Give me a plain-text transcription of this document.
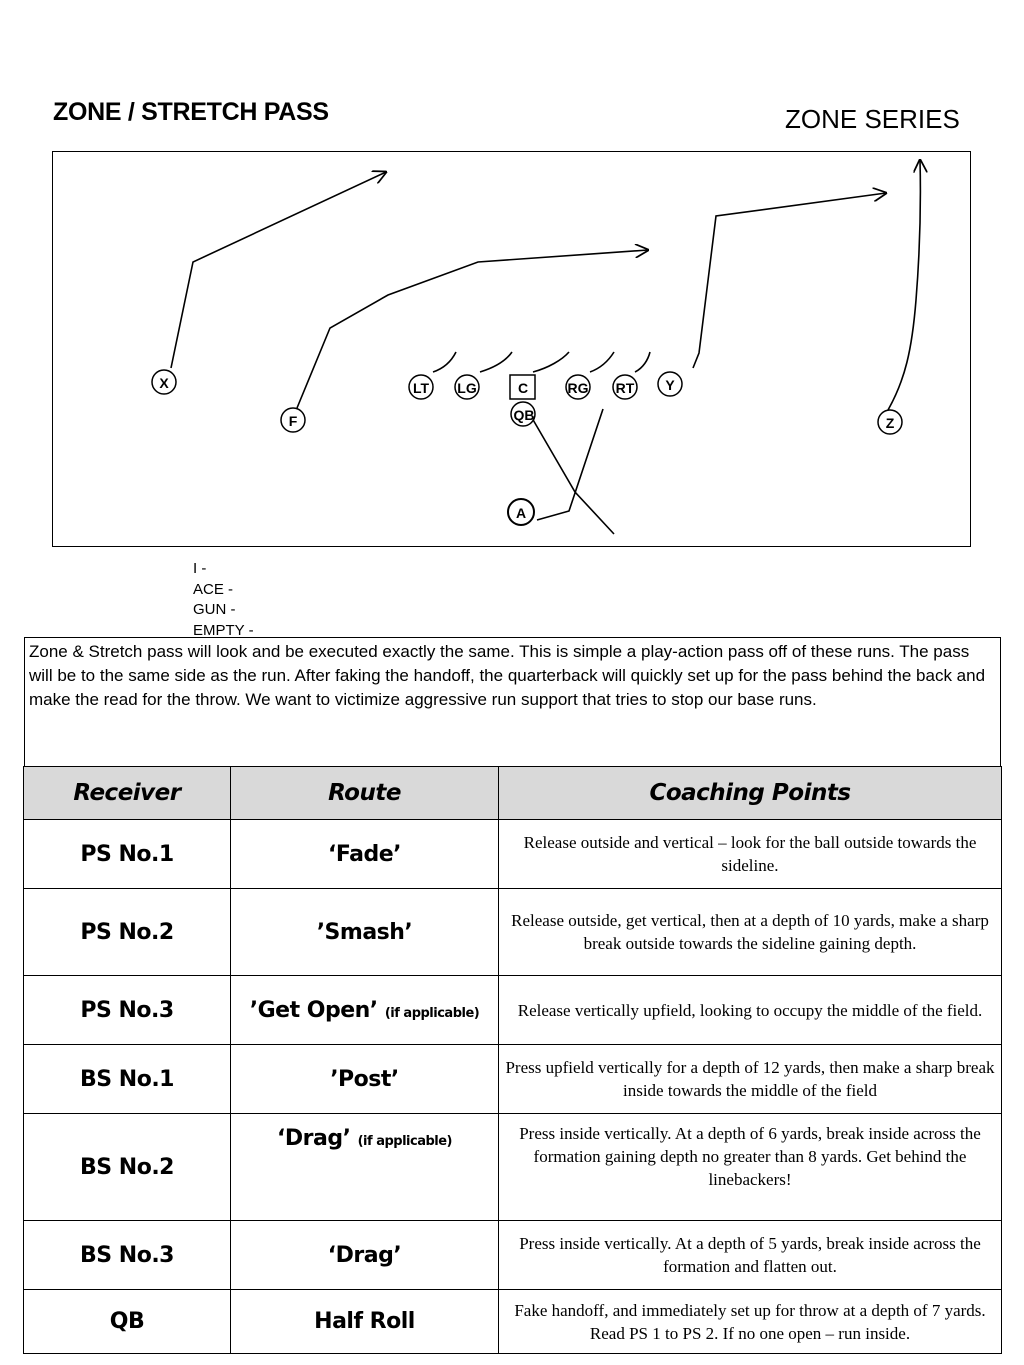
ZONE / STRETCH PASS	ZONE SERIES
X
F
LT LG	C	RG RT Y
QB	Z
A
I -
ACE -
GUN -
EMPTY -
Zone & Stretch pass will look and be executed exactly the same. This is simple a play-action pass off of these runs. The pass will be to the same side as the run. After faking the handoff, the quarterback will quickly set up for the pass behind the back and make the read for the throw. We want to victimize aggressive run support that tries to stop our base runs.
Receiver	Route	Coaching Points
PS No.1	‘Fade’	Release outside and vertical – look for the ball outside towards the sideline.
PS No.2	’Smash’	Release outside, get vertical, then at a depth of 10 yards, make a sharp break outside towards the sideline gaining depth.
PS No.3	’Get Open’ (if applicable)	Release vertically upfield, looking to occupy the middle of the field.
BS No.1	’Post’	Press upfield vertically for a depth of 12 yards, then make a sharp break inside towards the middle of the field
BS No.2	‘Drag’ (if applicable)	Press inside vertically. At a depth of 6 yards, break inside across the formation gaining depth no greater than 8 yards. Get behind the linebackers!
BS No.3	‘Drag’	Press inside vertically. At a depth of 5 yards, break inside across the formation and flatten out.
QB	Half Roll	Fake handoff, and immediately set up for throw at a depth of 7 yards. Read PS 1 to PS 2. If no one open – run inside.
